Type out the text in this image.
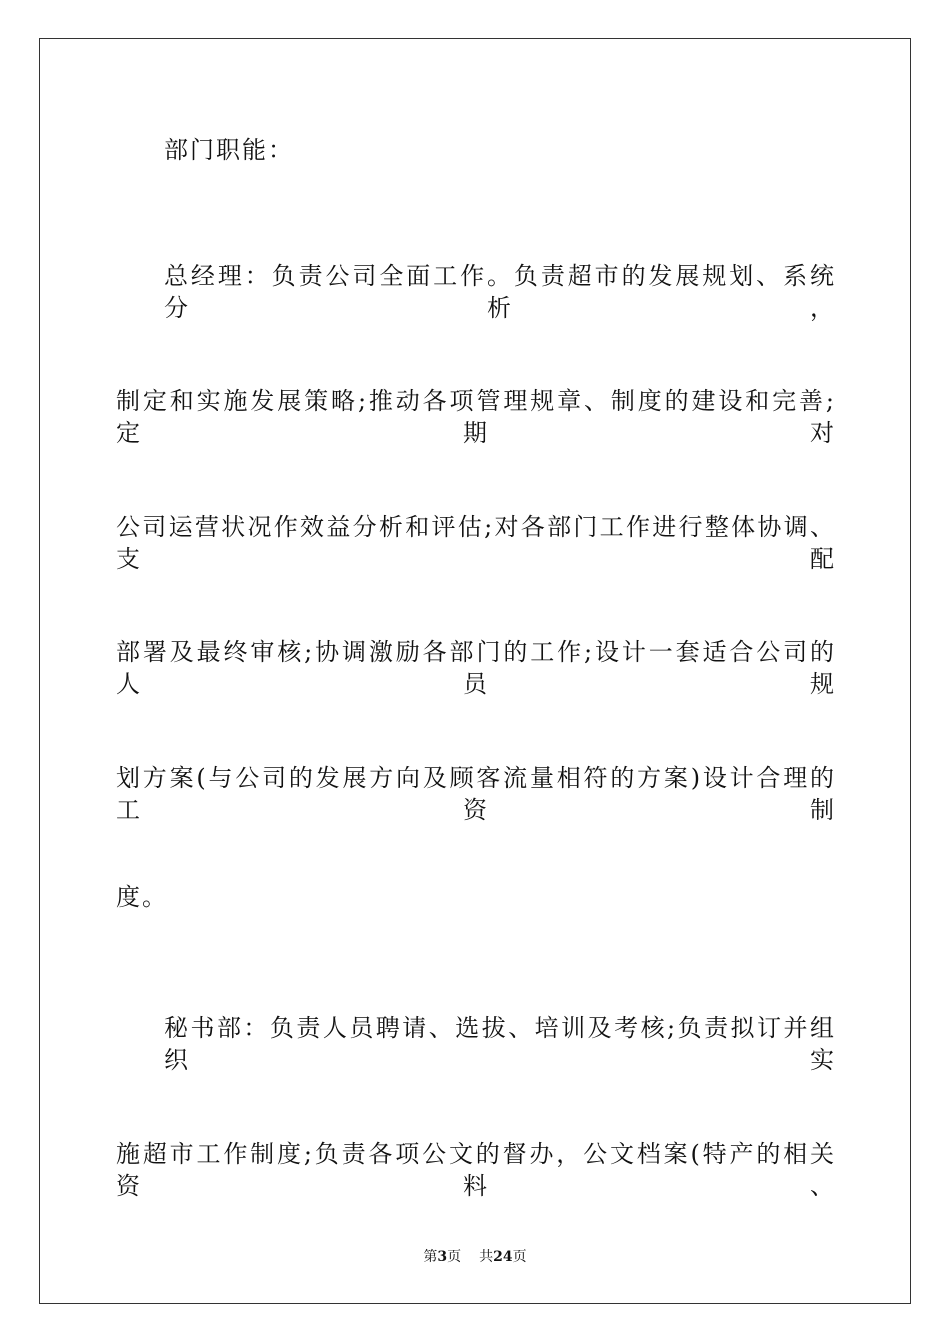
部门职能：
总经理：负责公司全面工作。负责超市的发展规划、系统分析，
制定和实施发展策略;推动各项管理规章、制度的建设和完善;定期对
公司运营状况作效益分析和评估;对各部门工作进行整体协调、支配
部署及最终审核;协调激励各部门的工作;设计一套适合公司的人员规
划方案(与公司的发展方向及顾客流量相符的方案)设计合理的工资制
度。
秘书部：负责人员聘请、选拔、培训及考核;负责拟订并组织实
施超市工作制度;负责各项公文的督办，公文档案(特产的相关资料、
第3页 共24页
